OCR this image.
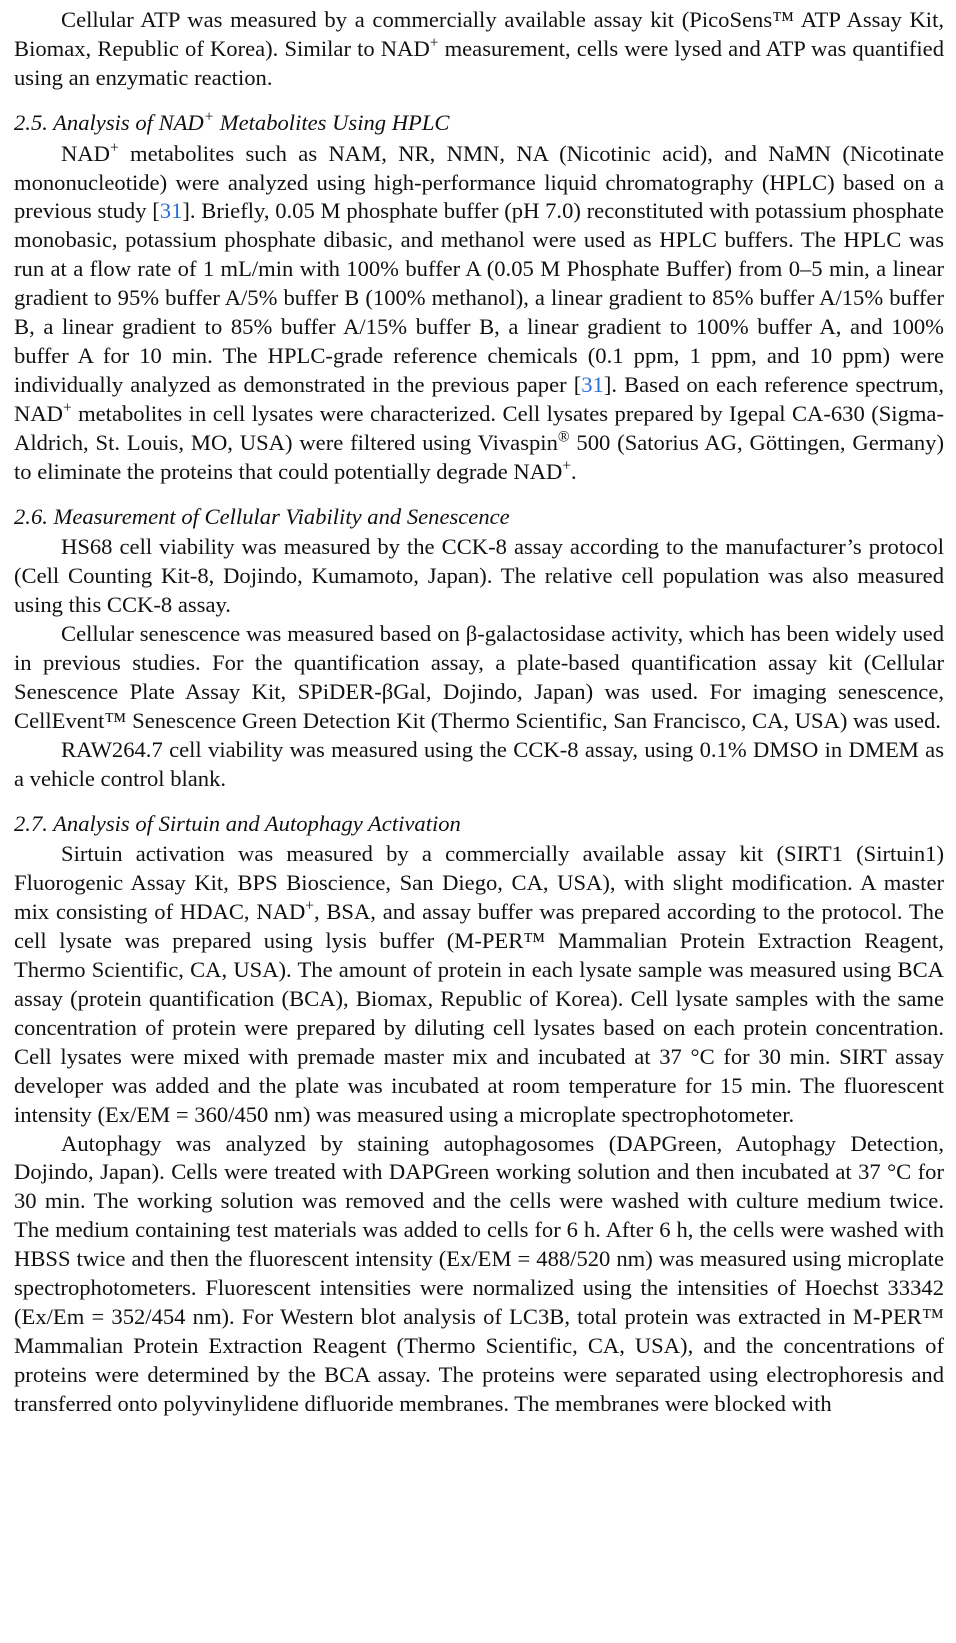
Cellular ATP was measured by a commercially available assay kit (PicoSens™ ATP Assay Kit, Biomax, Republic of Korea). Similar to NAD+ measurement, cells were lysed and ATP was quantified using an enzymatic reaction.

2.5. Analysis of NAD+ Metabolites Using HPLC

NAD+ metabolites such as NAM, NR, NMN, NA (Nicotinic acid), and NaMN (Nicotinate mononucleotide) were analyzed using high-performance liquid chromatography (HPLC) based on a previous study [31]. Briefly, 0.05 M phosphate buffer (pH 7.0) reconstituted with potassium phosphate monobasic, potassium phosphate dibasic, and methanol were used as HPLC buffers. The HPLC was run at a flow rate of 1 mL/min with 100% buffer A (0.05 M Phosphate Buffer) from 0–5 min, a linear gradient to 95% buffer A/5% buffer B (100% methanol), a linear gradient to 85% buffer A/15% buffer B, a linear gradient to 85% buffer A/15% buffer B, a linear gradient to 100% buffer A, and 100% buffer A for 10 min. The HPLC-grade reference chemicals (0.1 ppm, 1 ppm, and 10 ppm) were individually analyzed as demonstrated in the previous paper [31]. Based on each reference spectrum, NAD+ metabolites in cell lysates were characterized. Cell lysates prepared by Igepal CA-630 (Sigma-Aldrich, St. Louis, MO, USA) were filtered using Vivaspin® 500 (Satorius AG, Göttingen, Germany) to eliminate the proteins that could potentially degrade NAD+.

2.6. Measurement of Cellular Viability and Senescence

HS68 cell viability was measured by the CCK-8 assay according to the manufacturer’s protocol (Cell Counting Kit-8, Dojindo, Kumamoto, Japan). The relative cell population was also measured using this CCK-8 assay.

Cellular senescence was measured based on β-galactosidase activity, which has been widely used in previous studies. For the quantification assay, a plate-based quantification assay kit (Cellular Senescence Plate Assay Kit, SPiDER-βGal, Dojindo, Japan) was used. For imaging senescence, CellEvent™ Senescence Green Detection Kit (Thermo Scientific, San Francisco, CA, USA) was used.

RAW264.7 cell viability was measured using the CCK-8 assay, using 0.1% DMSO in DMEM as a vehicle control blank.

2.7. Analysis of Sirtuin and Autophagy Activation

Sirtuin activation was measured by a commercially available assay kit (SIRT1 (Sirtuin1) Fluorogenic Assay Kit, BPS Bioscience, San Diego, CA, USA), with slight modification. A master mix consisting of HDAC, NAD+, BSA, and assay buffer was prepared according to the protocol. The cell lysate was prepared using lysis buffer (M-PER™ Mammalian Protein Extraction Reagent, Thermo Scientific, CA, USA). The amount of protein in each lysate sample was measured using BCA assay (protein quantification (BCA), Biomax, Republic of Korea). Cell lysate samples with the same concentration of protein were prepared by diluting cell lysates based on each protein concentration. Cell lysates were mixed with premade master mix and incubated at 37 °C for 30 min. SIRT assay developer was added and the plate was incubated at room temperature for 15 min. The fluorescent intensity (Ex/EM = 360/450 nm) was measured using a microplate spectrophotometer.

Autophagy was analyzed by staining autophagosomes (DAPGreen, Autophagy Detection, Dojindo, Japan). Cells were treated with DAPGreen working solution and then incubated at 37 °C for 30 min. The working solution was removed and the cells were washed with culture medium twice. The medium containing test materials was added to cells for 6 h. After 6 h, the cells were washed with HBSS twice and then the fluorescent intensity (Ex/EM = 488/520 nm) was measured using microplate spectrophotometers. Fluorescent intensities were normalized using the intensities of Hoechst 33342 (Ex/Em = 352/454 nm). For Western blot analysis of LC3B, total protein was extracted in M-PER™ Mammalian Protein Extraction Reagent (Thermo Scientific, CA, USA), and the concentrations of proteins were determined by the BCA assay. The proteins were separated using electrophoresis and transferred onto polyvinylidene difluoride membranes. The membranes were blocked with
